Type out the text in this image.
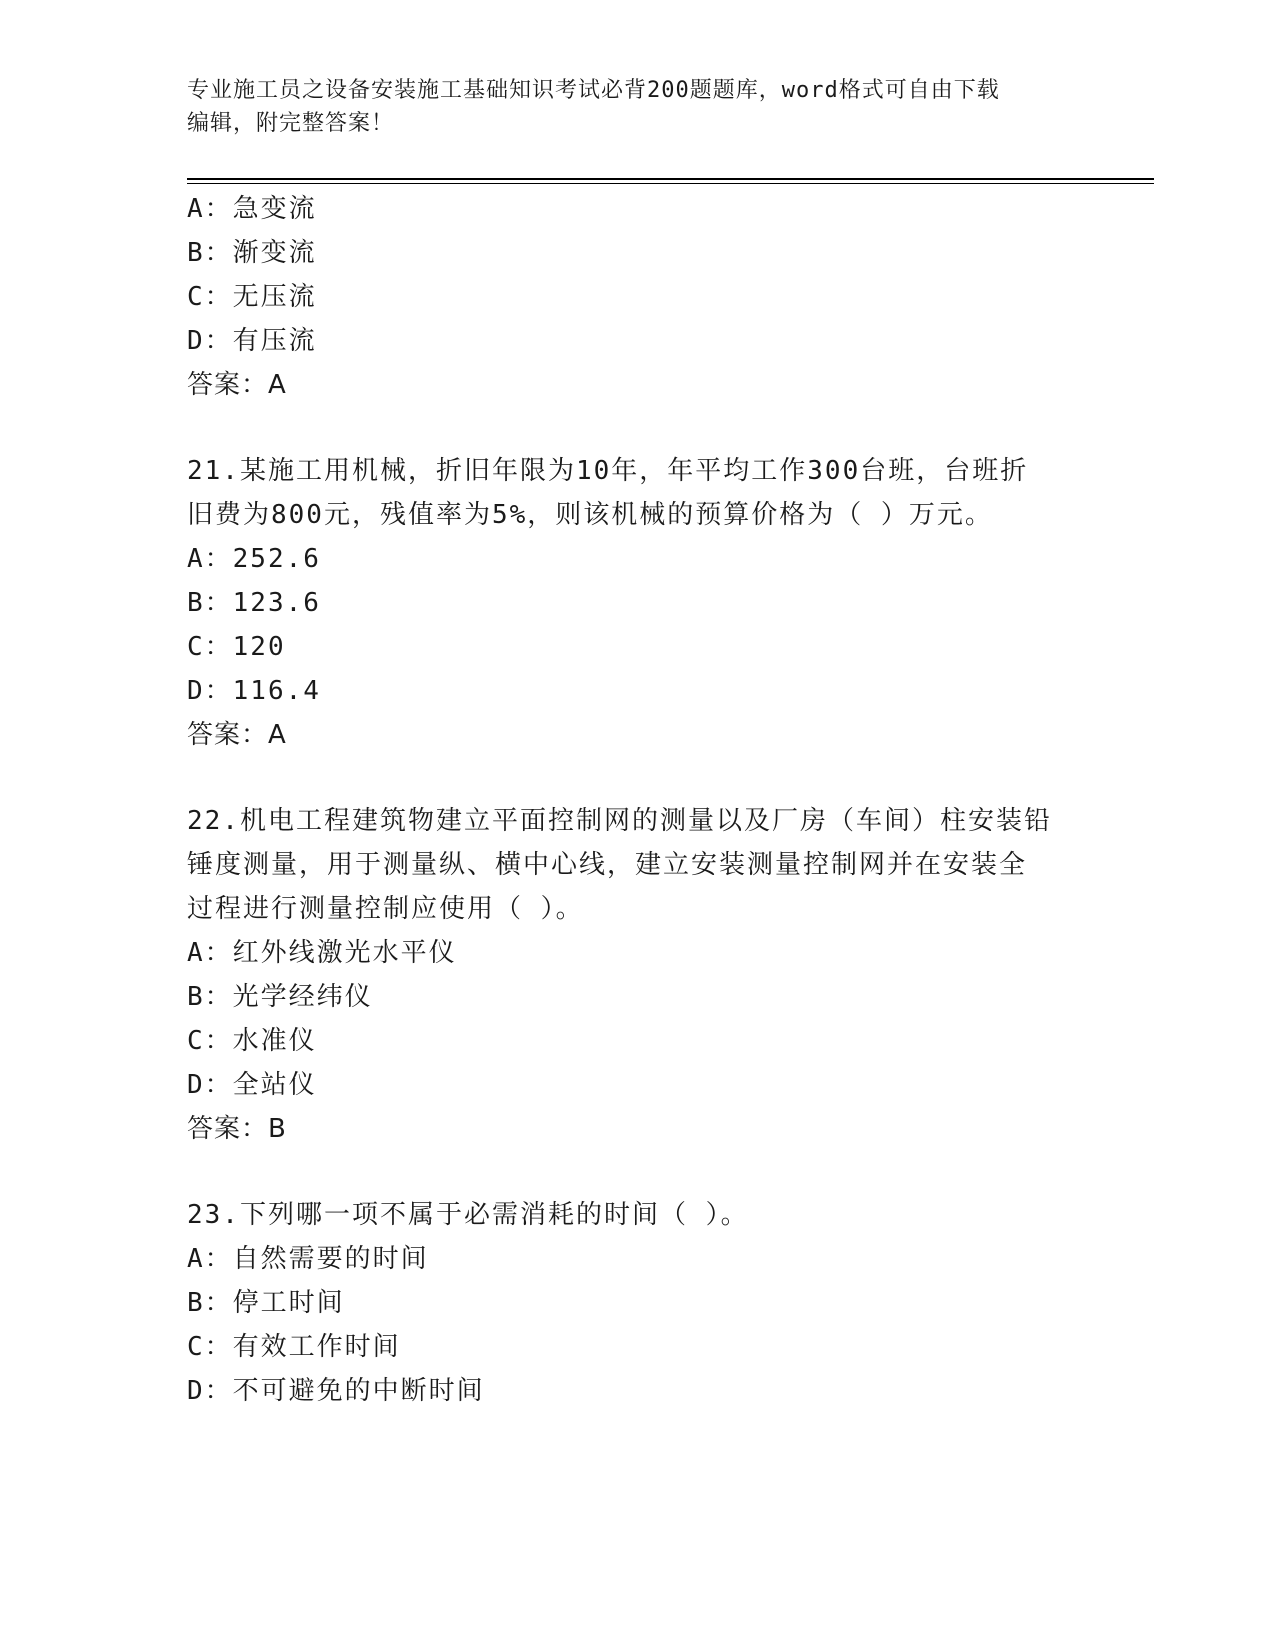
专业施工员之设备安装施工基础知识考试必背200题题库，word格式可自由下载
编辑，附完整答案！
A：急变流
B：渐变流
C：无压流
D：有压流
答案：A
21.某施工用机械，折旧年限为10年，年平均工作300台班，台班折
旧费为800元，残值率为5%，则该机械的预算价格为（ ）万元。
A：252.6
B：123.6
C：120
D：116.4
答案：A
22.机电工程建筑物建立平面控制网的测量以及厂房（车间）柱安装铅
锤度测量，用于测量纵、横中心线，建立安装测量控制网并在安装全
过程进行测量控制应使用（ ）。
A：红外线激光水平仪
B：光学经纬仪
C：水准仪
D：全站仪
答案：B
23.下列哪一项不属于必需消耗的时间（ ）。
A：自然需要的时间
B：停工时间
C：有效工作时间
D：不可避免的中断时间
